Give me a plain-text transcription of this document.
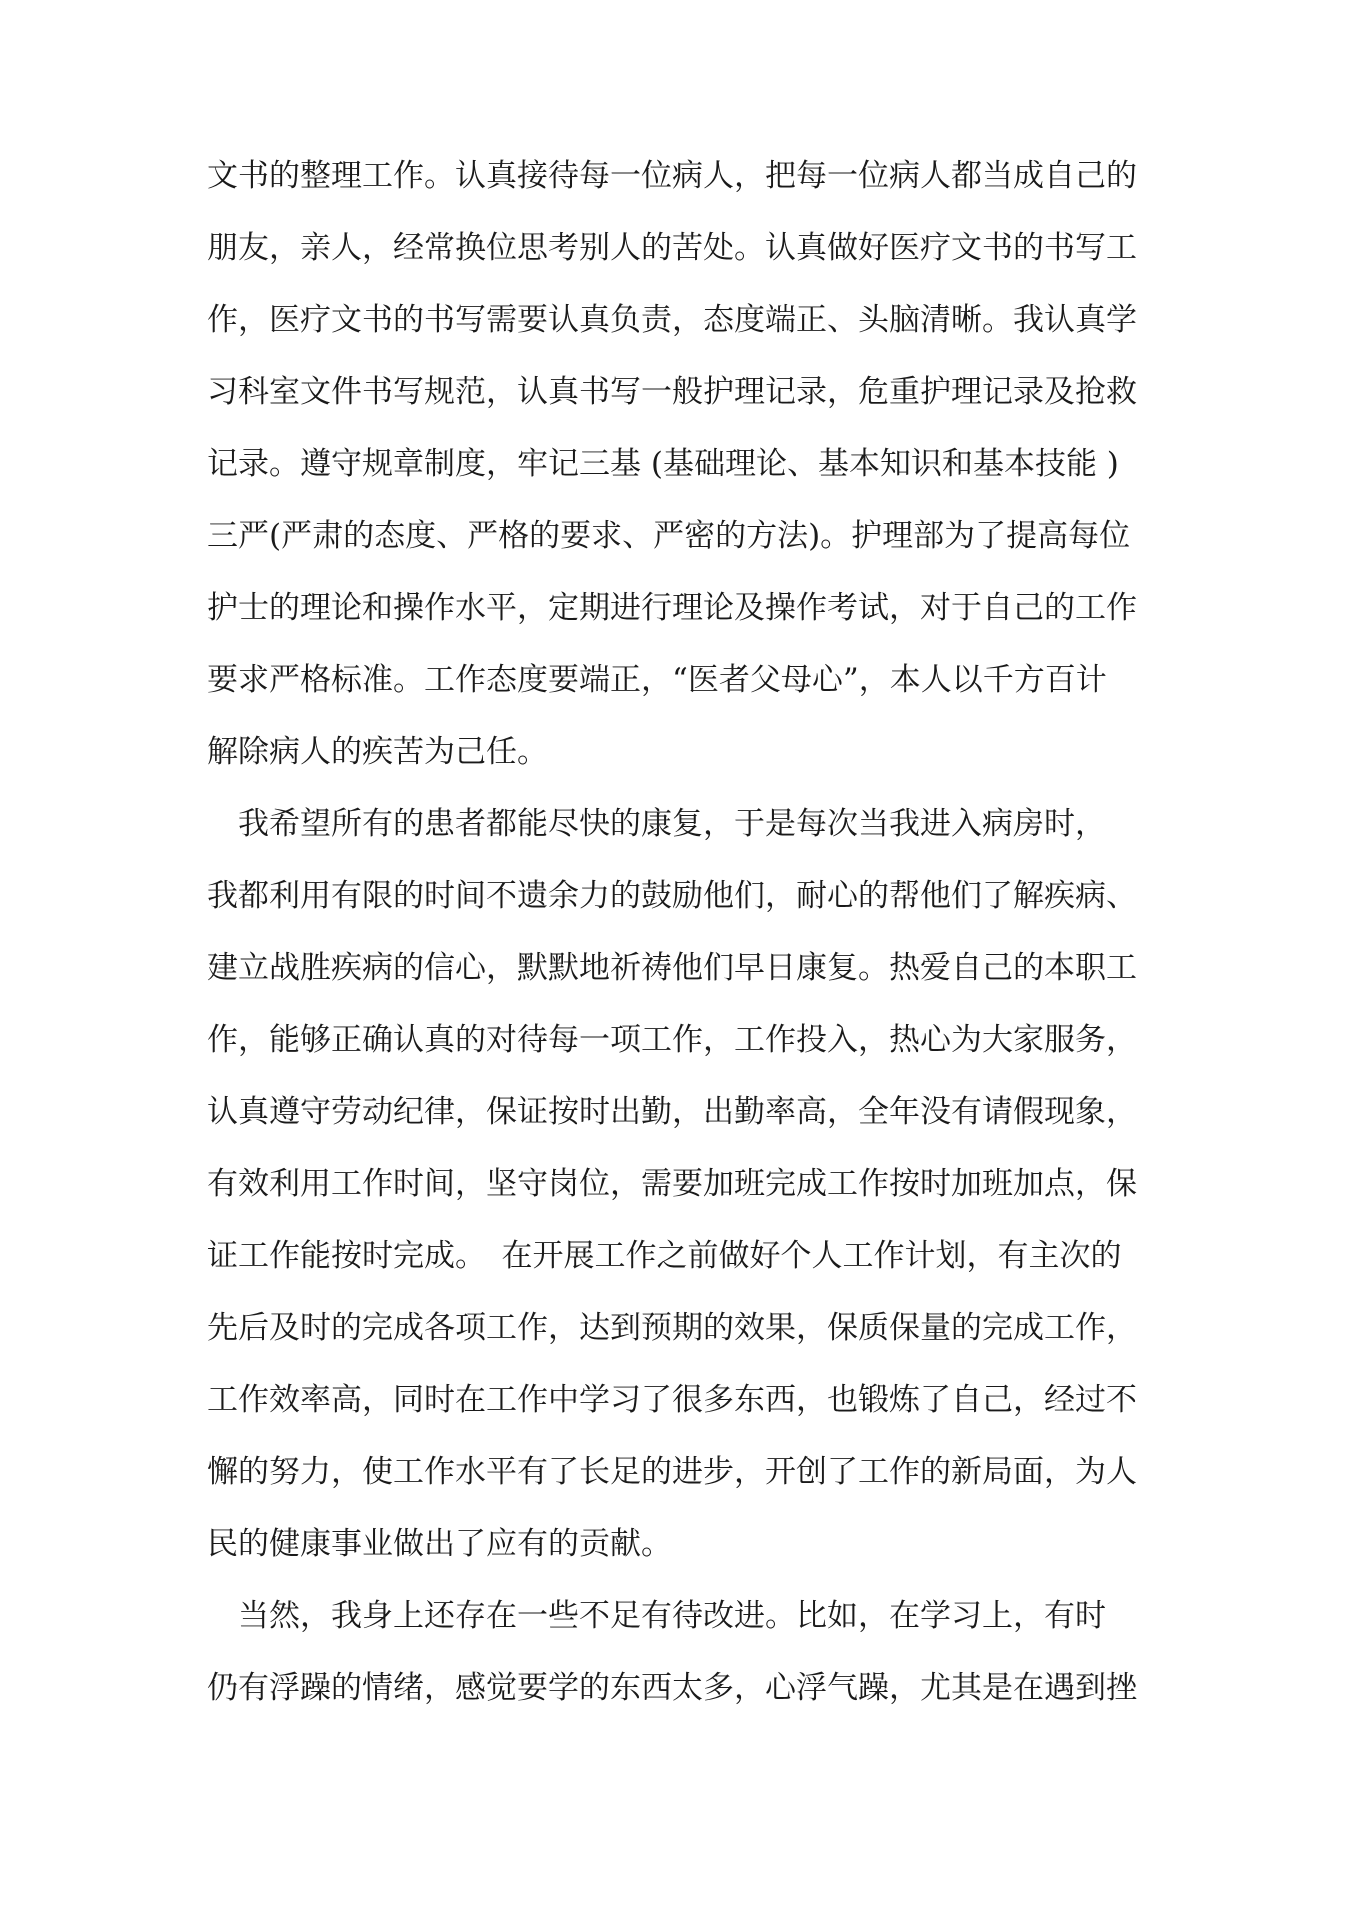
文书的整理工作。认真接待每一位病人，把每一位病人都当成自己的
朋友，亲人，经常换位思考别人的苦处。认真做好医疗文书的书写工
作，医疗文书的书写需要认真负责，态度端正、头脑清晰。我认真学
习科室文件书写规范，认真书写一般护理记录，危重护理记录及抢救
记录。遵守规章制度，牢记三基 (基础理论、基本知识和基本技能 )
三严(严肃的态度、严格的要求、严密的方法)。护理部为了提高每位
护士的理论和操作水平，定期进行理论及操作考试，对于自己的工作
要求严格标准。工作态度要端正，“医者父母心”，本人以千方百计
解除病人的疾苦为己任。
　我希望所有的患者都能尽快的康复，于是每次当我进入病房时，
我都利用有限的时间不遗余力的鼓励他们，耐心的帮他们了解疾病、
建立战胜疾病的信心，默默地祈祷他们早日康复。热爱自己的本职工
作，能够正确认真的对待每一项工作，工作投入，热心为大家服务，
认真遵守劳动纪律，保证按时出勤，出勤率高，全年没有请假现象，
有效利用工作时间，坚守岗位，需要加班完成工作按时加班加点，保
证工作能按时完成。　在开展工作之前做好个人工作计划，有主次的
先后及时的完成各项工作，达到预期的效果，保质保量的完成工作，
工作效率高，同时在工作中学习了很多东西，也锻炼了自己，经过不
懈的努力，使工作水平有了长足的进步，开创了工作的新局面，为人
民的健康事业做出了应有的贡献。
　当然，我身上还存在一些不足有待改进。比如，在学习上，有时
仍有浮躁的情绪，感觉要学的东西太多，心浮气躁，尤其是在遇到挫
